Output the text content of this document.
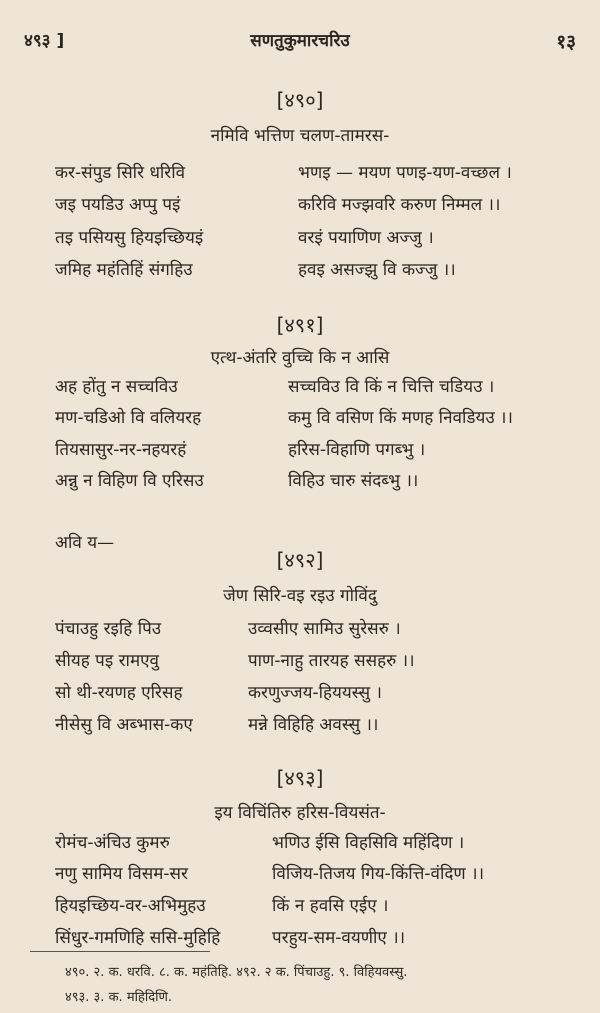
४९३ ]	सणतुकुमारचरिउ	१३
[४९०]
नमिवि भत्तिण चलण-तामरस-
कर-संपुड सिरि धरिवि	भणइ — मयण पणइ-यण-वच्छल ।
जइ पयडिउ अप्पु पइं	करिवि मज्झवरि करुण निम्मल ।।
तइ पसियसु हियइच्छियइं	वरइं पयाणिण अज्जु ।
जमिह महंतिहिं संगहिउ	हवइ असज्झु वि कज्जु ।।
[४९१]
एत्थ-अंतरि वुच्चि कि न आसि
अह होंतु न सच्चविउ	सच्चविउ वि किं न चित्ति चडियउ ।
मण-चडिओ वि वलियरह	कमु वि वसिण किं मणह निवडियउ ।।
तियसासुर-नर-नहयरहं	हरिस-विहाणि पगब्भु ।
अन्नु न विहिण वि एरिसउ	विहिउ चारु संदब्भु ।।
अवि य—
[४९२]
जेण सिरि-वइ रइउ गोविंदु
पंचाउहु रइहि पिउ	उव्वसीए सामिउ सुरेसरु ।
सीयह पइ रामएवु	पाण-नाहु तारयह ससहरु ।।
सो थी-रयणह एरिसह	करणुज्जय-हिययस्सु ।
नीसेसु वि अब्भास-कए	मन्ने विहिहि अवस्सु ।।
[४९३]
इय विचिंतिरु हरिस-वियसंत-
रोमंच-अंचिउ कुमरु	भणिउ ईसि विहसिवि महिंदिण ।
नणु सामिय विसम-सर	विजिय-तिजय गिय-किंत्ति-वंदिण ।।
हियइच्छिय-वर-अभिमुहउ	किं न हवसि एईए ।
सिंधुर-गमणिहि ससि-मुहिहि	परहुय-सम-वयणीए ।।
४९०. २. क. धरवि. ८. क. महंतिहि. ४९२. २ क. पिंचाउहु. ९. विहियवस्सु.
४९३. ३. क. महिदिणि.
